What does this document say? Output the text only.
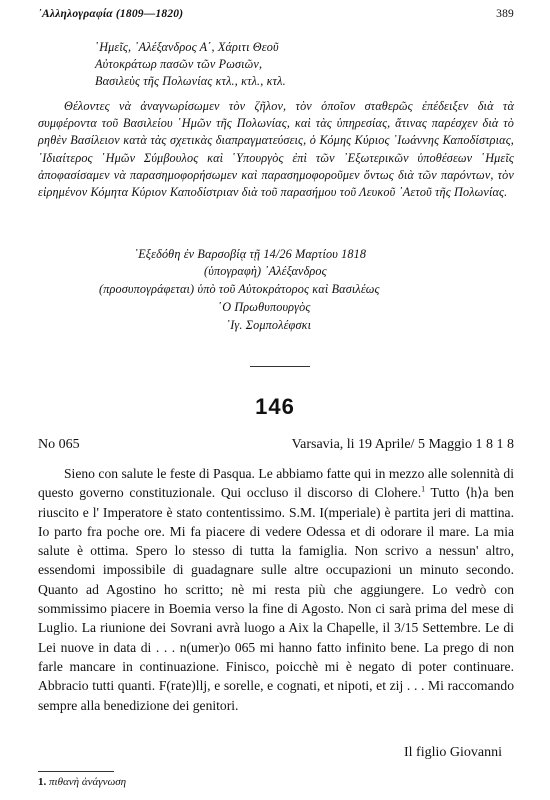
᾿Αλληλογραφία (1809—1820)	389
῾Ημεῖς, ᾿Αλέξανδρος Α΄, Χάριτι Θεοῦ
Αὐτοκράτωρ πασῶν τῶν Ρωσιῶν,
Βασιλεὺς τῆς Πολωνίας κτλ., κτλ., κτλ.
Θέλοντες νὰ ἀναγνωρίσωμεν τὸν ζῆλον, τὸν ὁποῖον σταθερῶς ἐπέδειξεν διὰ τὰ συμφέροντα τοῦ Βασιλείου ῾Ημῶν τῆς Πολωνίας, καὶ τὰς ὑπηρεσίας, ἅτινας παρέσχεν διὰ τὸ ρηθὲν Βασίλειον κατὰ τὰς σχετικὰς διαπραγματεύσεις, ὁ Κόμης Κύριος ᾿Ιωάννης Καποδίστριας, ᾿Ιδιαίτερος ῾Ημῶν Σύμβουλος καὶ ῾Υπουργὸς ἐπὶ τῶν ᾿Εξωτερικῶν ὑποθέσεων ῾Ημεῖς ἀποφασίσαμεν νὰ παρασημοφορήσωμεν καὶ παρασημοφοροῦμεν ὄντως διὰ τῶν παρόντων, τὸν εἰρημένον Κόμητα Κύριον Καποδίστριαν διὰ τοῦ παρασήμου τοῦ Λευκοῦ ᾿Αετοῦ τῆς Πολωνίας.
᾿Εξεδόθη ἐν Βαρσοβίᾳ τῇ 14/26 Μαρτίου 1818
(ὑπογραφὴ) ᾿Αλέξανδρος
(προσυπογράφεται) ὑπὸ τοῦ Αὐτοκράτορος καὶ Βασιλέως
῾Ο Πρωθυπουργὸς
᾿Ιγ. Σομπολέφσκι
146
No 065	Varsavia, li 19 Aprile/ 5 Maggio 1 8 1 8
Sieno con salute le feste di Pasqua. Le abbiamo fatte qui in mezzo alle solennità di questo governo constituzionale. Qui occluso il discorso di Clohere.$^1$ Tutto ⟨h⟩a ben riuscito e l' Imperatore è stato contentissimo. S.M. I(mperiale) è partita jeri di mattina. Io parto fra poche ore. Mi fa piacere di vedere Odessa et di odorare il mare. La mia salute è ottima. Spero lo stesso di tutta la famiglia. Non scrivo a nessun' altro, essendomi impossibile di guadagnare sulle altre occupazioni un minuto secondo. Quanto ad Agostino ho scritto; nè mi resta più che aggiungere. Lo vedrò con sommissimo piacere in Boemia verso la fine di Agosto. Non ci sarà prima del mese di Luglio. La riunione dei Sovrani avrà luogo a Aix la Chapelle, il 3/15 Settembre. Le di Lei nuove in data di . . . n(umer)o 065 mi hanno fatto infinito bene. La prego di non farle mancare in continuazione. Finisco, poicchè mi è negato di poter continuare. Abbracio tutti quanti. F(rate)llj, e sorelle, e cognati, et nipoti, et zij . . . Mi raccomando sempre alla benedizione dei genitori.
Il figlio Giovanni
1. πιθανὴ ἀνάγνωση
